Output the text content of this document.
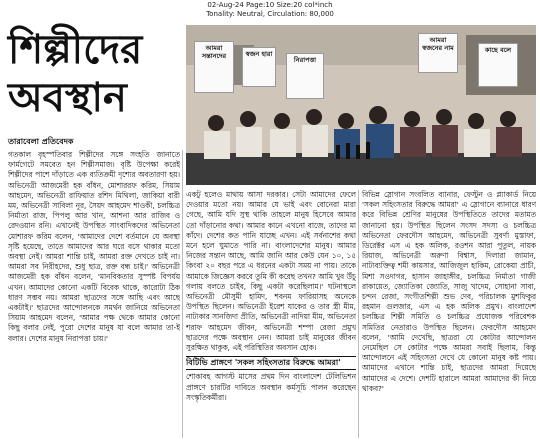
02-Aug-24 Page:10 Size:20 col*inch
Tonality: Neutral, Circulation: 80,000
শিল্পীদের
অবস্থান
তারাবেলা প্রতিবেদক
আমরা সন্তানদের	স্বজন হারা
নিরাপত্তা
আমরা স্বজনের নাম	কাছে বলে

গতকাল বৃহস্পতিবার শিল্পীদের সঙ্গে সংহতি জানাতে ফার্মগেটে সমবেত হন শিল্পীসমাজ। বৃষ্টি উপেক্ষা করেই শিল্পীদের পাশে দাঁড়াতে এক ব্যতিক্রমী দৃশ্যের অবতারণা হয়। অভিনেত্রী আজমেরী হক বাঁধন, মোশাররফ করিম, সিয়াম আহমেদ, অভিনেত্রী রাফিয়াত রশিদ মিথিলা, জাকিয়া বারী মম, অভিনেত্রী সাবিলা নূর, সৈয়দ আহমেদ শাওকী, চলচ্চিত্র নির্মাতা রাজ, পিপলু আর খান, আশনা আর রাজিব ও রেদওয়ান রনি। এখানেই উপস্থিত সাংবাদিকদের অভিনেতা মোশারফ করিম বলেন, 'আমাদের দেশে বর্তমানে যে অবস্থা সৃষ্টি হয়েছে, তাতে আমাদের আর ঘরে বসে থাকার মতো অবস্থা নেই। আমরা শান্তি চাই, আমরা রক্ত দেখতে চাই না। আমরা সব নিরীহদের, শুধু ছাত্র, রক্ত বন্ধ চাই।' অভিনেত্রী আজমেরী হক বাঁধন বলেন, 'মানবিকতার সুস্পষ্ট বিপর্যয় এখন। আমাদের কোনো একটি বিবেক থাকে, কারোটা ঠিক ধারণ সম্ভব নয়। আমরা ছাত্রদের সঙ্গে আছি এবং আছে একটাই।' ছাত্রদের আন্দোলনকে সমর্থন জানিয়ে অভিনেতা সিয়াম আহমেদ বলেন, 'আমার পক্ষ থেকে আমার কোনো কিছু বলার নেই, পুরো দেশের মানুষ যা বলে আমার তা-ই বলার। দেশের মানুষ নিরাপত্তা চায়।'

একটু হলেও মাথায় আসা দরকার। সেটা আমাদের ফেলে দেওয়ার মতো নয়। আমার যে ভাই এবং বোনেরা মারা গেছে, আমি যদি সুস্থ থাকি তাহলে মানুষ হিসেবে আমার তো দাঁড়ানোর কথা। আমার কানে এখনো বাজে, তাদের মা কাঁদে। দেশের কত পানি যাচ্ছে এখন। এই সর্বনাশের কথা মনে হলে ঘুমাতে পারি না। বাংলাদেশের মানুষ। আমার নিজের সন্তান আছে, আমি জানি আর কেউ যেন ১০, ১৫ কিংবা ২০ বছর পরে এ ধরনের একটা সময় না পায়। তাকে আমাকে জিজ্ঞেস করবে তুমি কী করেছ তখন? আমি খুব উঁচু গলায় বলতে চাইব, কিছু একটা করেছিলাম।' ঘটনাস্থলে অভিনেত্রী মৌসুমী হামিদ, শবনম ফারিয়াসহ অনেকে উপস্থিত ছিলেন। অভিনেত্রী ইরেশ যাকের ও তার স্ত্রী মীম, নাট্যকার সানজিদা প্রীতি, অভিনেত্রী নাদিয়া মীম, অভিনেতা শরাফ আহমেদ জীবন, অভিনেত্রী শম্পা রেজা প্রমুখ ছাত্রদের পক্ষে অবস্থান নেন। আমরা চাই মানুষের জীবন সুরক্ষিত থাকুক, এই পরিস্থিতির অবসান হোক।

বিটিভি প্রাঙ্গণে 'সকল সহিংসতার বিরুদ্ধে আমরা'

শোকাবহ আগস্ট মাসের প্রথম দিন বাংলাদেশ টেলিভিশন প্রাঙ্গণে চারটির দাবিতে অবস্থান কর্মসূচি পালন করেছেন সংস্কৃতিকর্মীরা।

বিভিন্ন স্লোগান সংবলিত ব্যানার, ফেস্টুন ও প্ল্যাকার্ড নিয়ে 'সকল সহিংসতার বিরুদ্ধে আমরা' এ স্লোগানে ব্যানারে ধারণ করে বিভিন্ন শ্রেণির মানুষের উপস্থিতিতে তাদের মতামত জানানো হয়। উপস্থিত ছিলেন সংসদ সদস্য ও চলচ্চিত্র অভিনেতা ফেরদৌস আহমেদ, অভিনেত্রী সুবর্ণা মুস্তাফা, ডিরেক্টর এস এ হক অলিক, রওশন আরা পুতুল, নায়ক রিয়াজ, অভিনেত্রী অরুণা বিশ্বাস, দিলারা জামান, নাট্যব্যক্তিত্ব শমী কায়সার, আজিজুল হাকিম, রোকেয়া প্রাচী, মিশা সওদাগর, হাসান জাহাঙ্গীর, চলচ্চিত্র নির্মাতা গাজী রাকায়েত, জ্যোতিকা জ্যোতি, সাজু খাদেম, সোহানা সাবা, চন্দন রেজা, সংগীতশিল্পী শুভ দেব, পরিচালক মুশফিকুর রহমান গুলজার, এস এ হক অলিক প্রমুখ। বাংলাদেশ চলচ্চিত্র শিল্পী সমিতি ও চলচ্চিত্র প্রযোজক পরিবেশক সমিতির নেতারাও উপস্থিত ছিলেন। ফেরদৌস আহমেদ বলেন, 'আমি দেখেছি, ছাত্ররা যে কোটার আন্দোলন নেমেছিল সে কোটার পক্ষে আমরা সবাই ছিলাম, কিন্তু আন্দোলনে এই সহিংসতা দেখে যে কোনো মানুষ কষ্ট পায়। আমাদের এখানে শান্তি চাই, ছাত্রদের আমরা দিয়েছে আমাদের এ দেশে। দেশটি হারালে আমরা আমাদের কী নিয়ে থাকব?'
